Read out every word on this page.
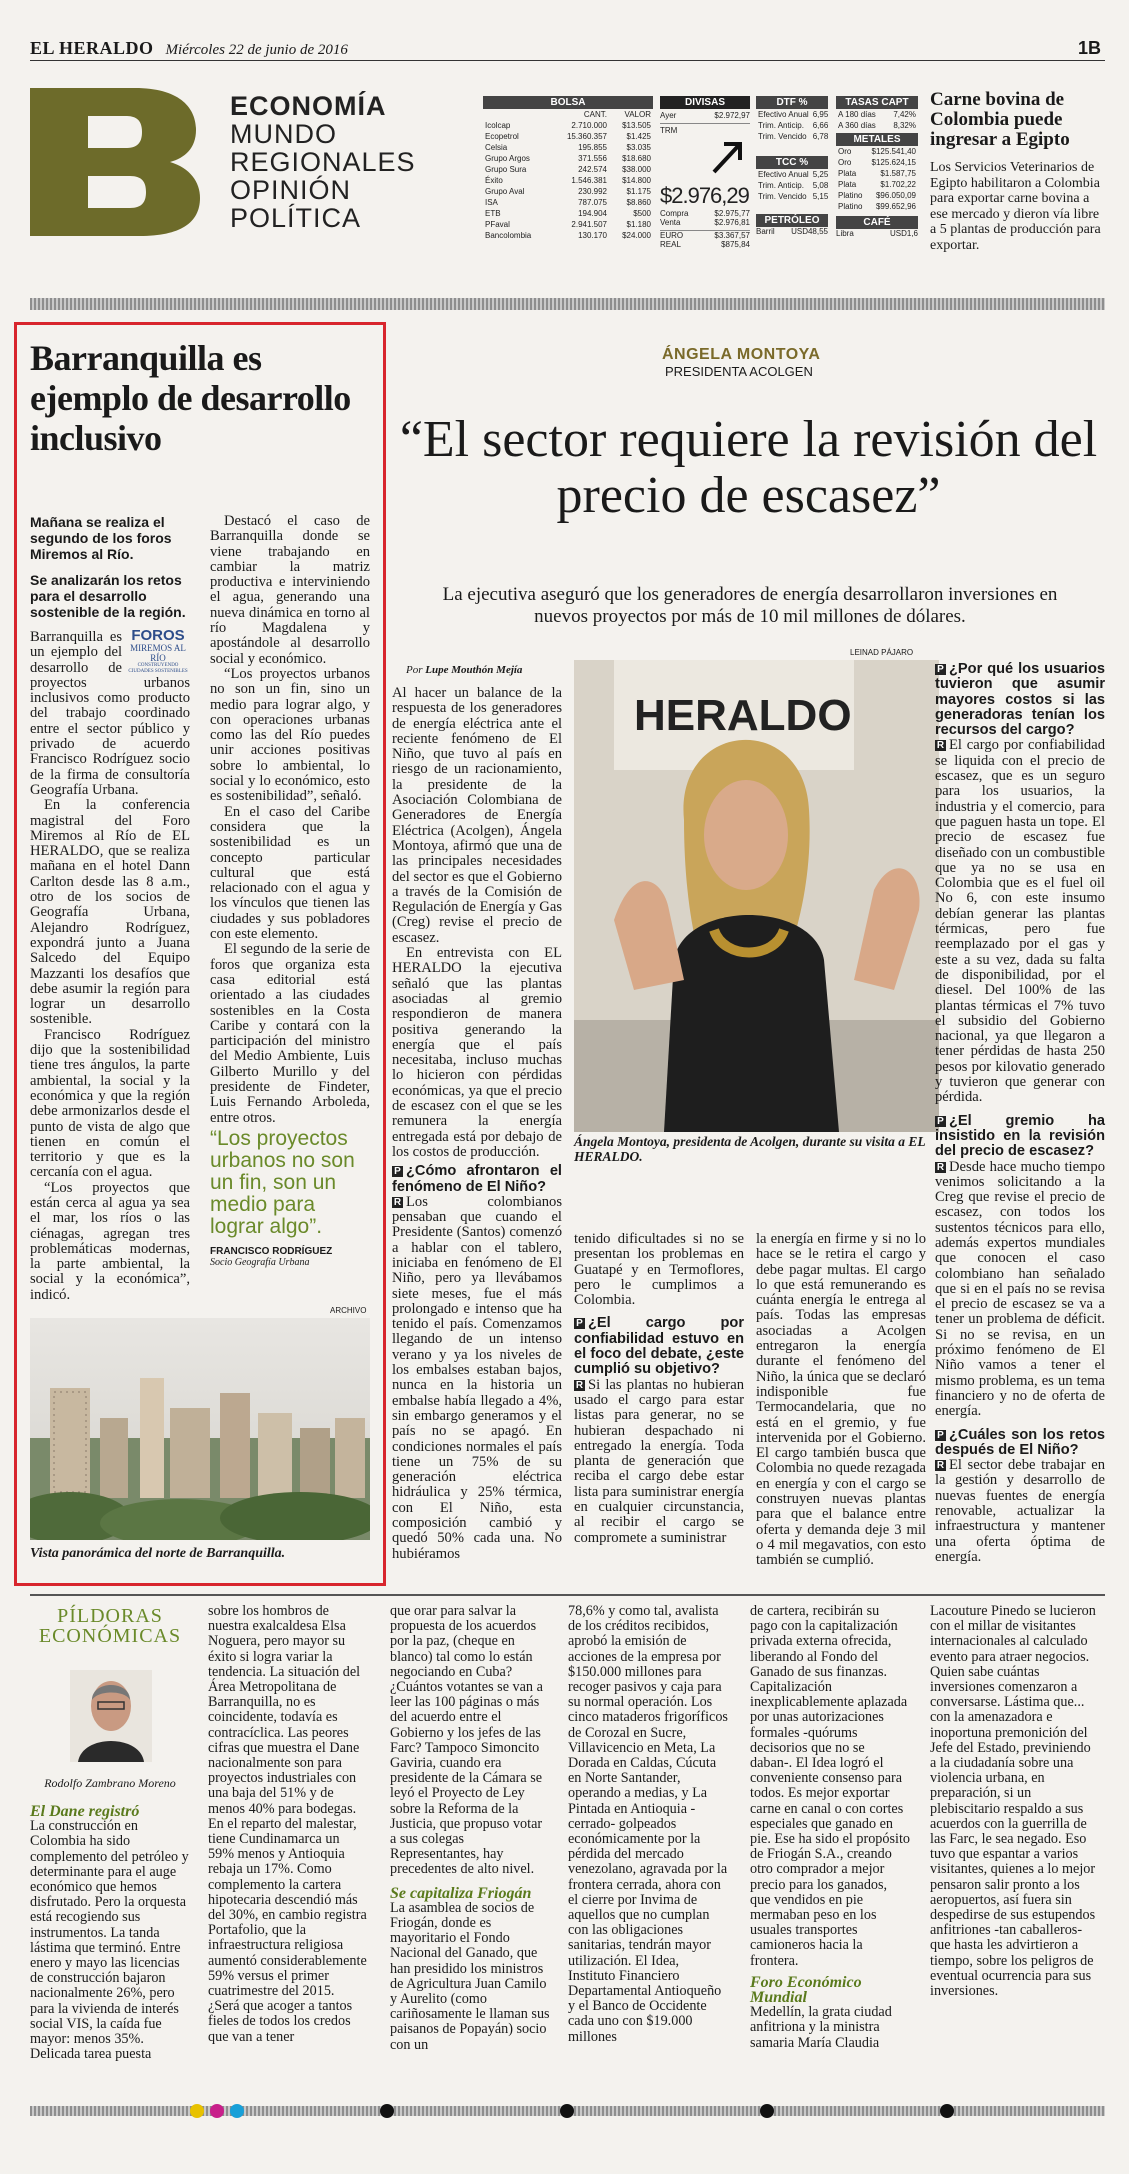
EL HERALDO Miércoles 22 de junio de 2016	1B
ECONOMÍA
MUNDO
REGIONALES
OPINIÓN
POLÍTICA
BOLSA
	CANT.	VALOR
Icolcap	2.710.000	$13.505
Ecopetrol	15.360.357	$1.425
Celsia	195.855	$3.035
Grupo Argos	371.556	$18.680
Grupo Sura	242.574	$38.000
Éxito	1.546.381	$14.800
Grupo Aval	230.992	$1.175
ISA	787.075	$8.860
ETB	194.904	$500
PFaval	2.941.507	$1.180
Bancolombia	130.170	$24.000
DIVISAS
Ayer	$2.972,97
TRM
$2.976,29
Compra	$2.975,77
Venta	$2.976,81
EURO	$3.367,57
REAL	$875,84
DTF %
Efectivo Anual	6,95
Trim. Anticip.	6,66
Trim. Vencido	6,78
TCC %
Efectivo Anual	5,25
Trim. Anticip.	5,08
Trim. Vencido	5,15
PETRÓLEO
Barril USD48,55
TASAS CAPT
A 180 días	7,42%
A 360 días	8,32%
METALES
Oro	$125.541,40
Oro	$125.624,15
Plata	$1.587,75
Plata	$1.702,22
Platino	$96.050,09
Platino	$99.652,96
CAFÉ
Libra	USD1,6
Carne bovina de Colombia puede ingresar a Egipto
Los Servicios Veterinarios de Egipto habilitaron a Colombia para exportar carne bovina a ese mercado y dieron vía libre a 5 plantas de producción para exportar.
Barranquilla es ejemplo de desarrollo inclusivo

Mañana se realiza el segundo de los foros Miremos al Río.

Se analizarán los retos para el desarrollo sostenible de la región.

FOROS
MIREMOS AL RÍO
CONSTRUYENDO CIUDADES SOSTENIBLES

Barranquilla es un ejemplo del desarrollo de proyectos urbanos inclusivos como producto del trabajo coordinado entre el sector público y privado de acuerdo Francisco Rodríguez socio de la firma de consultoría Geografía Urbana.

En la conferencia magistral del Foro Miremos al Río de EL HERALDO, que se realiza mañana en el hotel Dann Carlton desde las 8 a.m., otro de los socios de Geografía Urbana, Alejandro Rodríguez, expondrá junto a Juana Salcedo del Equipo Mazzanti los desafíos que debe asumir la región para lograr un desarrollo sostenible.

Francisco Rodríguez dijo que la sostenibilidad tiene tres ángulos, la parte ambiental, la social y la económica y que la región debe armonizarlos desde el punto de vista de algo que tienen en común el territorio y que es la cercanía con el agua.

“Los proyectos que están cerca al agua ya sea el mar, los ríos o las ciénagas, agregan tres problemáticas modernas, la parte ambiental, la social y la económica”, indicó.

Destacó el caso de Barranquilla donde se viene trabajando en cambiar la matriz productiva e interviniendo el agua, generando una nueva dinámica en torno al río Magdalena y apostándole al desarrollo social y económico.

“Los proyectos urbanos no son un fin, sino un medio para lograr algo, y con operaciones urbanas como las del Río puedes unir acciones positivas sobre lo ambiental, lo social y lo económico, esto es sostenibilidad”, señaló.

En el caso del Caribe considera que la sostenibilidad es un concepto particular cultural que está relacionado con el agua y los vínculos que tienen las ciudades y sus pobladores con este elemento.

El segundo de la serie de foros que organiza esta casa editorial está orientado a las ciudades sostenibles en la Costa Caribe y contará con la participación del ministro del Medio Ambiente, Luis Gilberto Murillo y del presidente de Findeter, Luis Fernando Arboleda, entre otros.

“Los proyectos urbanos no son un fin, son un medio para lograr algo”.
FRANCISCO RODRÍGUEZ
Socio Geografía Urbana
ARCHIVO
Vista panorámica del norte de Barranquilla.
ÁNGELA MONTOYA
PRESIDENTA ACOLGEN
“El sector requiere la revisión del precio de escasez”
La ejecutiva aseguró que los generadores de energía desarrollaron inversiones en nuevos proyectos por más de 10 mil millones de dólares.
LEINAD PÁJARO
Por Lupe Mouthón Mejía
HERALDO
Ángela Montoya, presidenta de Acolgen, durante su visita a EL HERALDO.

Al hacer un balance de la respuesta de los generadores de energía eléctrica ante el reciente fenómeno de El Niño, que tuvo al país en riesgo de un racionamiento, la presidente de la Asociación Colombiana de Generadores de Energía Eléctrica (Acolgen), Ángela Montoya, afirmó que una de las principales necesidades del sector es que el Gobierno a través de la Comisión de Regulación de Energía y Gas (Creg) revise el precio de escasez.

En entrevista con EL HERALDO la ejecutiva señaló que las plantas asociadas al gremio respondieron de manera positiva generando la energía que el país necesitaba, incluso muchas lo hicieron con pérdidas económicas, ya que el precio de escasez con el que se les remunera la energía entregada está por debajo de los costos de producción.

P ¿Cómo afrontaron el fenómeno de El Niño?

R Los colombianos pensaban que cuando el Presidente (Santos) comenzó a hablar con el tablero, iniciaba en fenómeno de El Niño, pero ya llevábamos siete meses, fue el más prolongado e intenso que ha tenido el país. Comenzamos llegando de un intenso verano y ya los niveles de los embalses estaban bajos, nunca en la historia un embalse había llegado a 4%, sin embargo generamos y el país no se apagó. En condiciones normales el país tiene un 75% de su generación eléctrica hidráulica y 25% térmica, con El Niño, esta composición cambió y quedó 50% cada una. No hubiéramos

tenido dificultades si no se presentan los problemas en Guatapé y en Termoflores, pero le cumplimos a Colombia.

P ¿El cargo por confiabilidad estuvo en el foco del debate, ¿este cumplió su objetivo?

R Si las plantas no hubieran usado el cargo para estar listas para generar, no se hubieran despachado ni entregado la energía. Toda planta de generación que reciba el cargo debe estar lista para suministrar energía en cualquier circunstancia, al recibir el cargo se compromete a suministrar

la energía en firme y si no lo hace se le retira el cargo y debe pagar multas. El cargo lo que está remunerando es cuánta energía le entrega al país. Todas las empresas asociadas a Acolgen entregaron la energía durante el fenómeno del Niño, la única que se declaró indisponible fue Termocandelaria, que no está en el gremio, y fue intervenida por el Gobierno. El cargo también busca que Colombia no quede rezagada en energía y con el cargo se construyen nuevas plantas para que el balance entre oferta y demanda deje 3 mil o 4 mil megavatios, con esto también se cumplió.

P ¿Por qué los usuarios tuvieron que asumir mayores costos si las generadoras tenían los recursos del cargo?

R El cargo por confiabilidad se liquida con el precio de escasez, que es un seguro para los usuarios, la industria y el comercio, para que paguen hasta un tope. El precio de escasez fue diseñado con un combustible que ya no se usa en Colombia que es el fuel oil No 6, con este insumo debían generar las plantas térmicas, pero fue reemplazado por el gas y este a su vez, dada su falta de disponibilidad, por el diesel. Del 100% de las plantas térmicas el 7% tuvo el subsidio del Gobierno nacional, ya que llegaron a tener pérdidas de hasta 250 pesos por kilovatio generado y tuvieron que generar con pérdida.

P ¿El gremio ha insistido en la revisión del precio de escasez?

R Desde hace mucho tiempo venimos solicitando a la Creg que revise el precio de escasez, con todos los sustentos técnicos para ello, además expertos mundiales que conocen el caso colombiano han señalado que si en el país no se revisa el precio de escasez se va a tener un problema de déficit. Si no se revisa, en un próximo fenómeno de El Niño vamos a tener el mismo problema, es un tema financiero y no de oferta de energía.

P ¿Cuáles son los retos después de El Niño?

R El sector debe trabajar en la gestión y desarrollo de nuevas fuentes de energía renovable, actualizar la infraestructura y mantener una oferta óptima de energía.

PÍLDORAS ECONÓMICAS
Rodolfo Zambrano Moreno

El Dane registró

La construcción en Colombia ha sido complemento del petróleo y determinante para el auge económico que hemos disfrutado. Pero la orquesta está recogiendo sus instrumentos. La tanda lástima que terminó. Entre enero y mayo las licencias de construcción bajaron nacionalmente 26%, pero para la vivienda de interés social VIS, la caída fue mayor: menos 35%. Delicada tarea puesta

sobre los hombros de nuestra exalcaldesa Elsa Noguera, pero mayor su éxito si logra variar la tendencia. La situación del Área Metropolitana de Barranquilla, no es coincidente, todavía es contracíclica. Las peores cifras que muestra el Dane nacionalmente son para proyectos industriales con una baja del 51% y de menos 40% para bodegas. En el reparto del malestar, tiene Cundinamarca un 59% menos y Antioquia rebaja un 17%. Como complemento la cartera hipotecaria descendió más del 30%, en cambio registra Portafolio, que la infraestructura religiosa aumentó considerablemente 59% versus el primer cuatrimestre del 2015. ¿Será que acoger a tantos fieles de todos los credos que van a tener

que orar para salvar la propuesta de los acuerdos por la paz, (cheque en blanco) tal como lo están negociando en Cuba? ¿Cuántos votantes se van a leer las 100 páginas o más del acuerdo entre el Gobierno y los jefes de las Farc? Tampoco Simoncito Gaviria, cuando era presidente de la Cámara se leyó el Proyecto de Ley sobre la Reforma de la Justicia, que propuso votar a sus colegas Representantes, hay precedentes de alto nivel.

Se capitaliza Friogán

La asamblea de socios de Friogán, donde es mayoritario el Fondo Nacional del Ganado, que han presidido los ministros de Agricultura Juan Camilo y Aurelito (como cariñosamente le llaman sus paisanos de Popayán) socio con un

78,6% y como tal, avalista de los créditos recibidos, aprobó la emisión de acciones de la empresa por $150.000 millones para recoger pasivos y caja para su normal operación. Los cinco mataderos frigoríficos de Corozal en Sucre, Villavicencio en Meta, La Dorada en Caldas, Cúcuta en Norte Santander, operando a medias, y La Pintada en Antioquia -cerrado- golpeados económicamente por la pérdida del mercado venezolano, agravada por la frontera cerrada, ahora con el cierre por Invima de aquellos que no cumplan con las obligaciones sanitarias, tendrán mayor utilización. El Idea, Instituto Financiero Departamental Antioqueño y el Banco de Occidente cada uno con $19.000 millones

de cartera, recibirán su pago con la capitalización privada externa ofrecida, liberando al Fondo del Ganado de sus finanzas. Capitalización inexplicablemente aplazada por unas autorizaciones formales -quórums decisorios que no se daban-. El Idea logró el conveniente consenso para todos. Es mejor exportar carne en canal o con cortes especiales que ganado en pie. Ese ha sido el propósito de Friogán S.A., creando otro comprador a mejor precio para los ganados, que vendidos en pie mermaban peso en los usuales transportes camioneros hacia la frontera.

Foro Económico Mundial

Medellín, la grata ciudad anfitriona y la ministra samaria María Claudia

Lacouture Pinedo se lucieron con el millar de visitantes internacionales al calculado evento para atraer negocios. Quien sabe cuántas inversiones comenzaron a conversarse. Lástima que... con la amenazadora e inoportuna premonición del Jefe del Estado, previniendo a la ciudadanía sobre una violencia urbana, en preparación, si un plebiscitario respaldo a sus acuerdos con la guerrilla de las Farc, le sea negado. Eso tuvo que espantar a varios visitantes, quienes a lo mejor pensaron salir pronto a los aeropuertos, así fuera sin despedirse de sus estupendos anfitriones -tan caballeros- que hasta les advirtieron a tiempo, sobre los peligros de eventual ocurrencia para sus inversiones.
